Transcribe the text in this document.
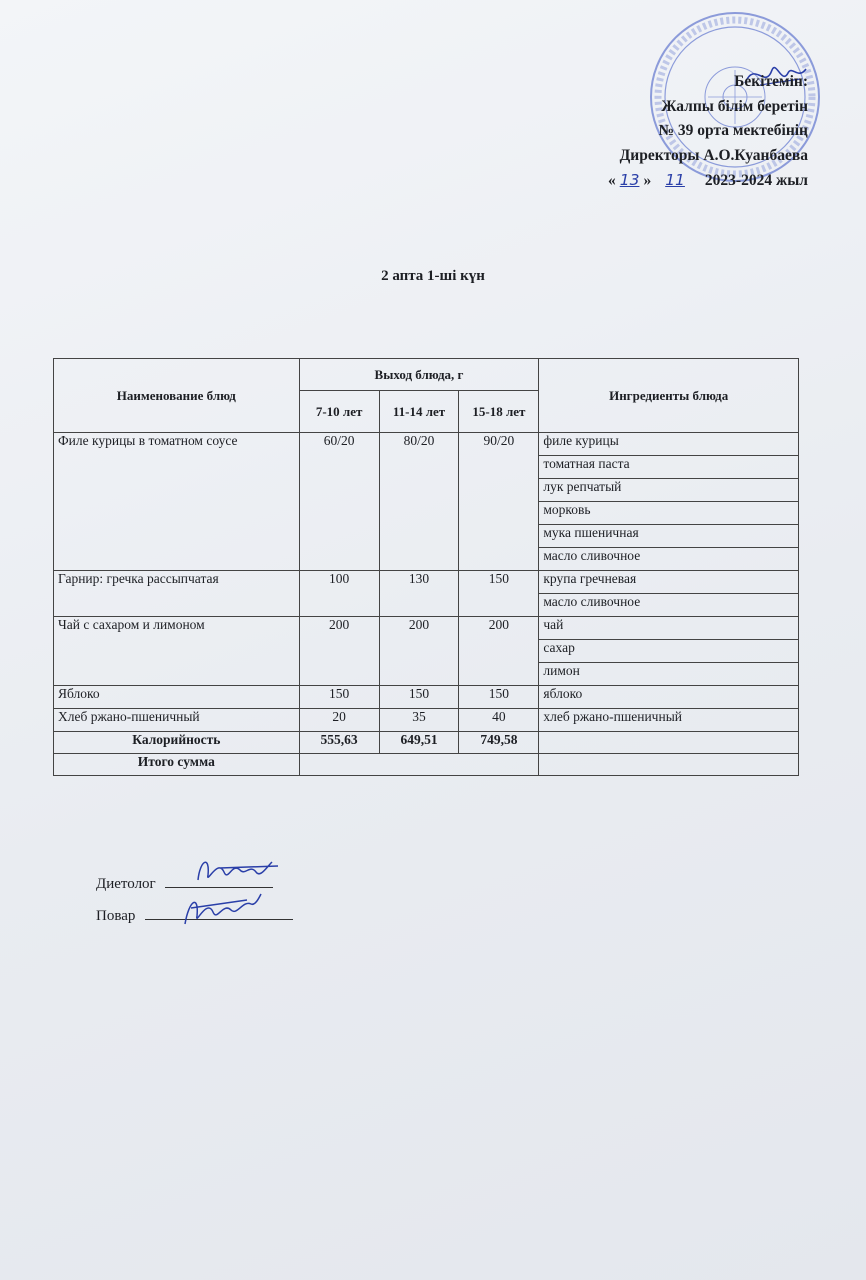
Бекітемін:
Жалпы білім беретін
№ 39 орта мектебінің
Директоры А.О.Куанбаева
« 13 » 11 2023-2024 жыл
2 апта 1-ші күн
Наименование блюд	Выход блюда, г			Ингредиенты блюда
	7-10 лет	11-14 лет	15-18 лет	
Филе курицы в томатном соусе	60/20	80/20	90/20	филе курицы
				томатная паста
				лук репчатый
				морковь
				мука пшеничная
				масло сливочное
Гарнир: гречка рассыпчатая	100	130	150	крупа гречневая
				масло сливочное
Чай с сахаром и лимоном	200	200	200	чай
				сахар
				лимон
Яблоко	150	150	150	яблоко
Хлеб ржано-пшеничный	20	35	40	хлеб ржано-пшеничный
Калорийность	555,63	649,51	749,58	
Итого сумма				
Диетолог
Повар
